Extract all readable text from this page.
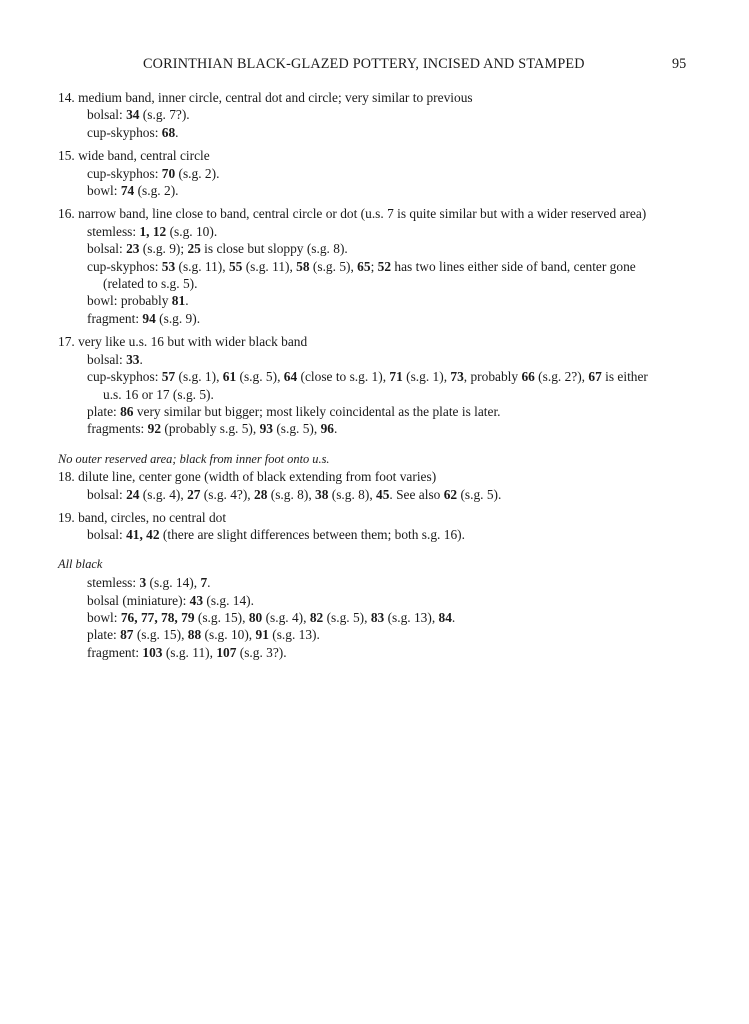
CORINTHIAN BLACK-GLAZED POTTERY, INCISED AND STAMPED	95
14. medium band, inner circle, central dot and circle; very similar to previous
bolsal: 34 (s.g. 7?).
cup-skyphos: 68.
15. wide band, central circle
cup-skyphos: 70 (s.g. 2).
bowl: 74 (s.g. 2).
16. narrow band, line close to band, central circle or dot (u.s. 7 is quite similar but with a wider reserved area)
stemless: 1, 12 (s.g. 10).
bolsal: 23 (s.g. 9); 25 is close but sloppy (s.g. 8).
cup-skyphos: 53 (s.g. 11), 55 (s.g. 11), 58 (s.g. 5), 65; 52 has two lines either side of band, center gone
(related to s.g. 5).
bowl: probably 81.
fragment: 94 (s.g. 9).
17. very like u.s. 16 but with wider black band
bolsal: 33.
cup-skyphos: 57 (s.g. 1), 61 (s.g. 5), 64 (close to s.g. 1), 71 (s.g. 1), 73, probably 66 (s.g. 2?), 67 is either
u.s. 16 or 17 (s.g. 5).
plate: 86 very similar but bigger; most likely coincidental as the plate is later.
fragments: 92 (probably s.g. 5), 93 (s.g. 5), 96.
No outer reserved area; black from inner foot onto u.s.
18. dilute line, center gone (width of black extending from foot varies)
bolsal: 24 (s.g. 4), 27 (s.g. 4?), 28 (s.g. 8), 38 (s.g. 8), 45. See also 62 (s.g. 5).
19. band, circles, no central dot
bolsal: 41, 42 (there are slight differences between them; both s.g. 16).
All black
stemless: 3 (s.g. 14), 7.
bolsal (miniature): 43 (s.g. 14).
bowl: 76, 77, 78, 79 (s.g. 15), 80 (s.g. 4), 82 (s.g. 5), 83 (s.g. 13), 84.
plate: 87 (s.g. 15), 88 (s.g. 10), 91 (s.g. 13).
fragment: 103 (s.g. 11), 107 (s.g. 3?).
